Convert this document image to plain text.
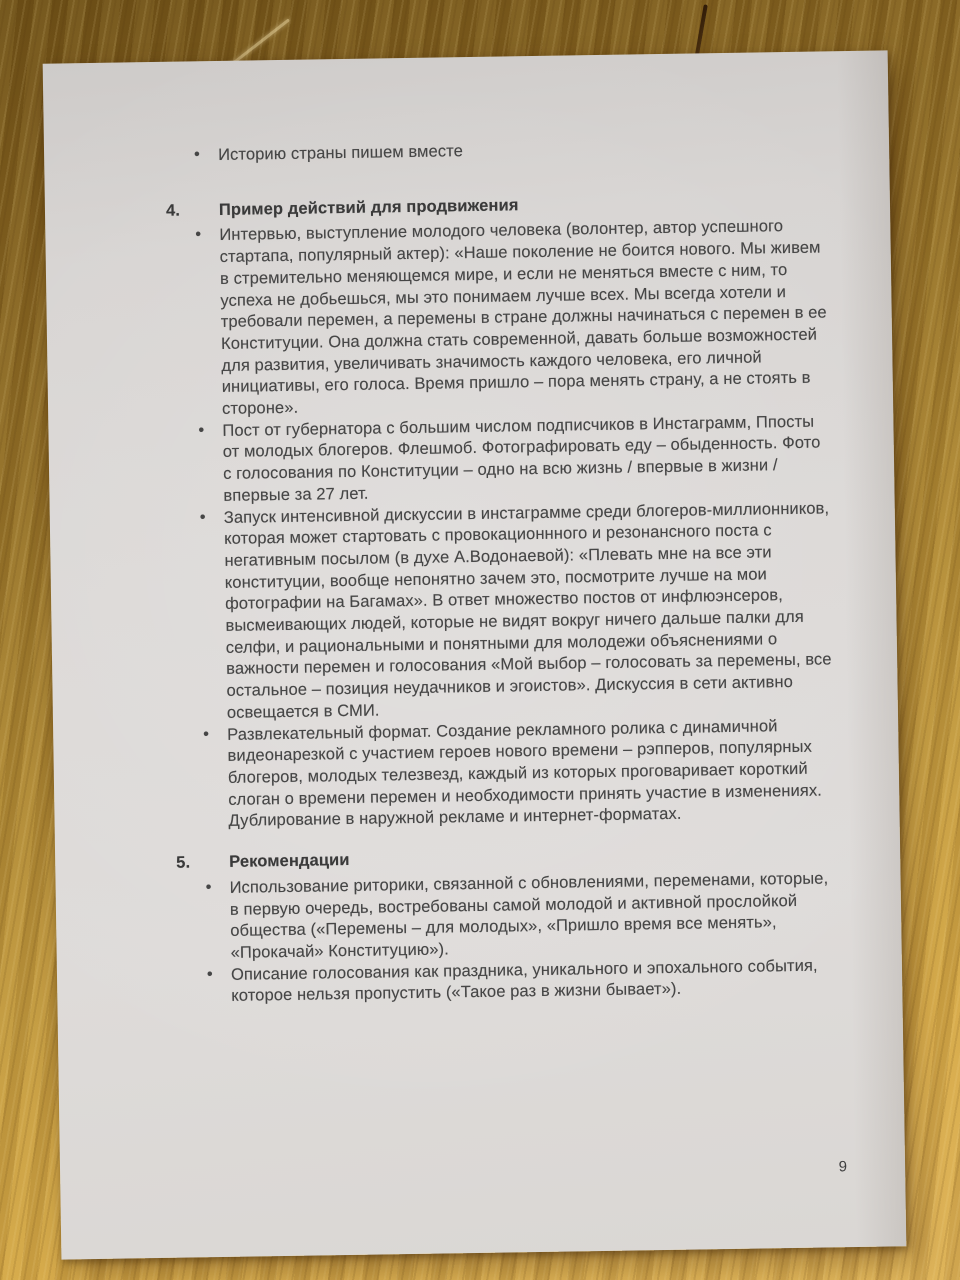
•
Историю страны пишем вместе
4.	Пример действий для продвижения
•
Интервью, выступление молодого человека (волонтер, автор успешного стартапа, популярный актер): «Наше поколение не боится нового. Мы живем в стремительно меняющемся мире, и если не меняться вместе с ним, то успеха не добьешься, мы это понимаем лучше всех. Мы всегда хотели и требовали перемен, а перемены в стране должны начинаться с перемен в ее Конституции. Она должна стать современной, давать больше возможностей для развития, увеличивать значимость каждого человека, его личной инициативы, его голоса. Время пришло – пора менять страну, а не стоять в стороне».
•
Пост от губернатора с большим числом подписчиков в Инстаграмм, Ппосты от молодых блогеров. Флешмоб. Фотографировать еду – обыденность. Фото с голосования по Конституции – одно на всю жизнь / впервые в жизни / впервые за 27 лет.
•
Запуск интенсивной дискуссии в инстаграмме среди блогеров-миллионников, которая может стартовать с провокационнного и резонансного поста с негативным посылом (в духе А.Водонаевой): «Плевать мне на все эти конституции, вообще непонятно зачем это, посмотрите лучше на мои фотографии на Багамах». В ответ множество постов от инфлюэнсеров, высмеивающих людей, которые не видят вокруг ничего дальше палки для селфи, и рациональными и понятными для молодежи объяснениями о важности перемен и голосования «Мой выбор – голосовать за перемены, все остальное – позиция неудачников и эгоистов». Дискуссия в сети активно освещается в СМИ.
•
Развлекательный формат. Создание рекламного ролика с динамичной видеонарезкой с участием героев нового времени – рэпперов, популярных блогеров, молодых телезвезд, каждый из которых проговаривает короткий слоган о времени перемен и необходимости принять участие в изменениях. Дублирование в наружной рекламе и интернет-форматах.
5.	Рекомендации
•
Использование риторики, связанной с обновлениями, переменами, которые, в первую очередь, востребованы самой молодой и активной прослойкой общества («Перемены – для молодых», «Пришло время все менять», «Прокачай» Конституцию»).
•
Описание голосования как праздника, уникального и эпохального события, которое нельзя пропустить («Такое раз в жизни бывает»).
9
